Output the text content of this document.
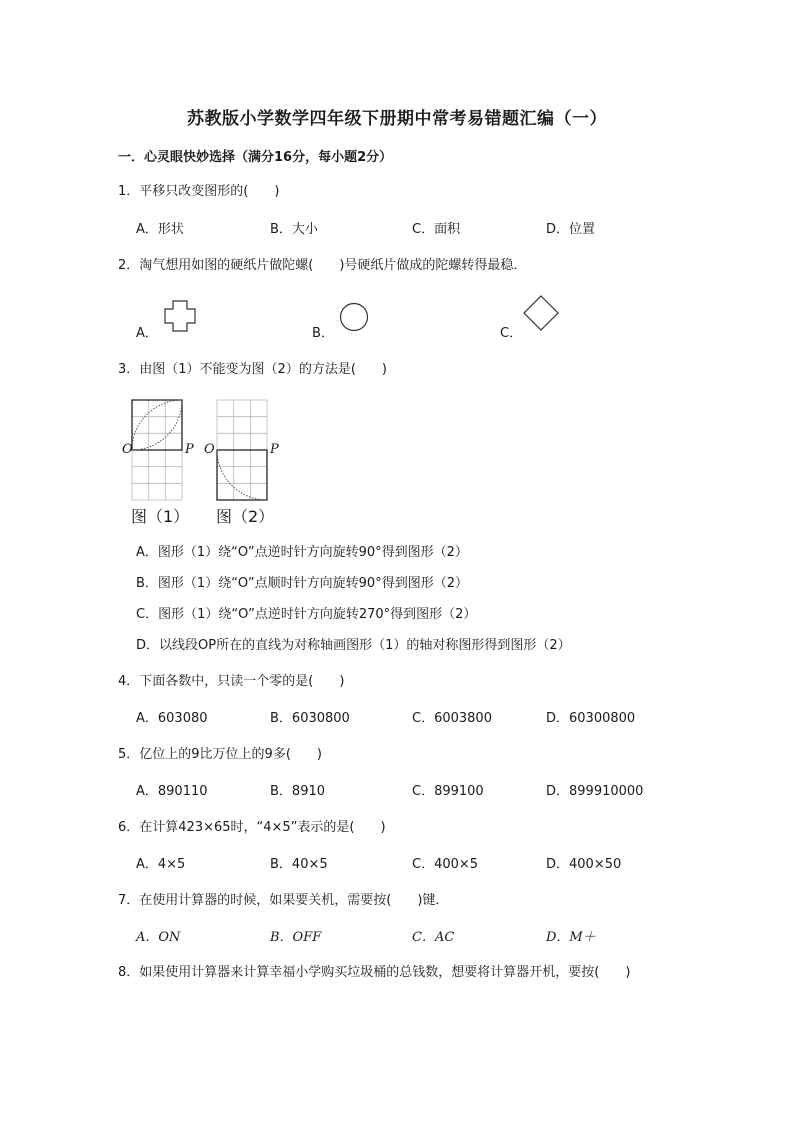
苏教版小学数学四年级下册期中常考易错题汇编（一）
一．心灵眼快妙选择（满分16分，每小题2分）
1．平移只改变图形的(　　)
A．形状	B．大小	C．面积	D．位置
2．淘气想用如图的硬纸片做陀螺(　　)号硬纸片做成的陀螺转得最稳．
A．	B．	C．
3．由图（1）不能变为图（2）的方法是(　　)
O	P
图（1）
O	P
图（2）
A．图形（1）绕“O”点逆时针方向旋转90°得到图形（2）
B．图形（1）绕“O”点顺时针方向旋转90°得到图形（2）
C．图形（1）绕“O”点逆时针方向旋转270°得到图形（2）
D．以线段OP所在的直线为对称轴画图形（1）的轴对称图形得到图形（2）
4．下面各数中，只读一个零的是(　　)
A．603080	B．6030800	C．6003800	D．60300800
5．亿位上的9比万位上的9多(　　)
A．890110	B．8910	C．899100	D．899910000
6．在计算423×65时，“4×5”表示的是(　　)
A．4×5	B．40×5	C．400×5	D．400×50
7．在使用计算器的时候，如果要关机，需要按(　　)键．
A．ON	B．OFF	C．AC	D．M＋
8．如果使用计算器来计算幸福小学购买垃圾桶的总钱数，想要将计算器开机，要按(　　)
